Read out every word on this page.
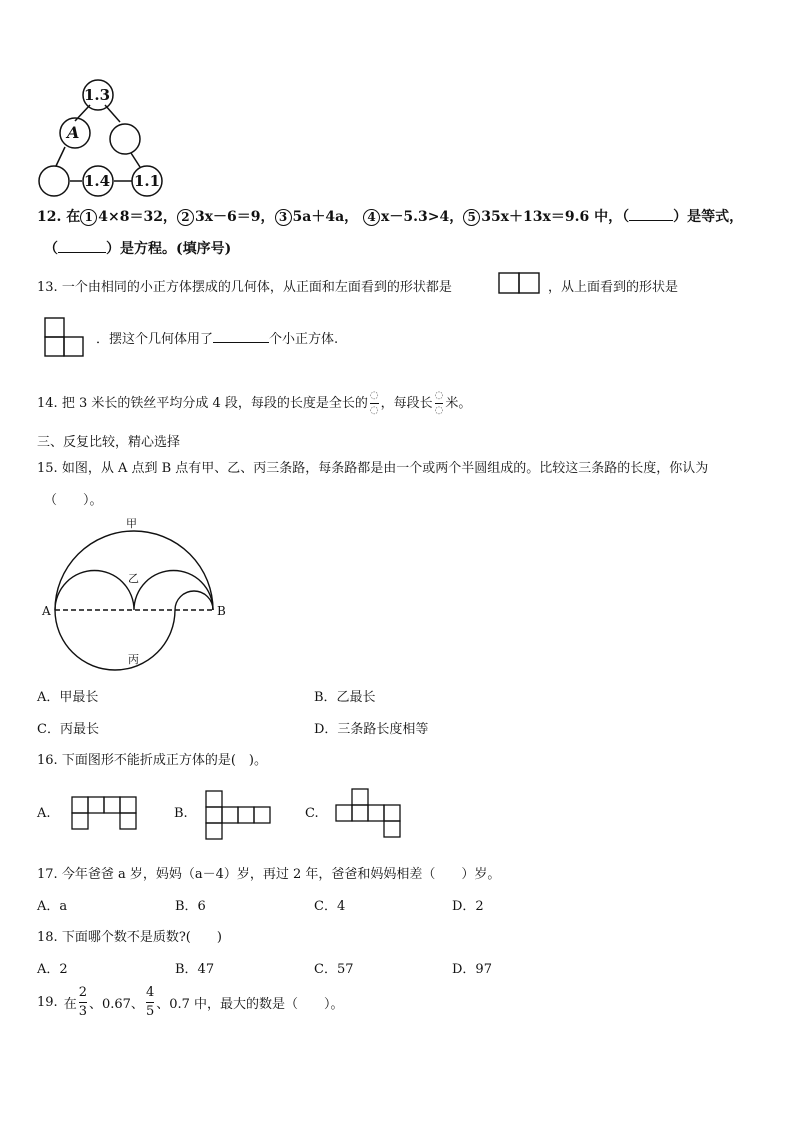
1.3
A
1.4 1.1
12. 在 1 4×8＝32， 2 3x－6＝9， 3 5a＋4a， 4 x－5.3>4， 5 35x＋13x＝9.6 中，（	）是等式，
（	）是方程。(填序号)
13. 一个由相同的小正方体摆成的几何体，从正面和左面看到的形状都是	，从上面看到的形状是
．摆这个几何体用了	个小正方体.
14. 把 3 米长的铁丝平均分成 4 段，每段的长度是全长的 $\frac{◌}{◌}$ ，每段长 $\frac{◌}{◌}$ 米。
三、反复比较，精心选择
15. 如图，从 A 点到 B 点有甲、乙、丙三条路，每条路都是由一个或两个半圆组成的。比较这三条路的长度，你认为
（　　）。
甲
乙
丙
A	B
A．甲最长	B．乙最长
C．丙最长	D．三条路长度相等
16. 下面图形不能折成正方体的是(　)。
A.	B.	C.
17. 今年爸爸 a 岁，妈妈（a－4）岁，再过 2 年，爸爸和妈妈相差（　　）岁。
A．a	B．6	C．4	D．2
18. 下面哪个数不是质数?(　　)
A．2	B．47	C．57	D．97
19. 在 $\frac{2}{3}$ 、0.67、 $\frac{4}{5}$ 、0.7 中，最大的数是（　　）。
